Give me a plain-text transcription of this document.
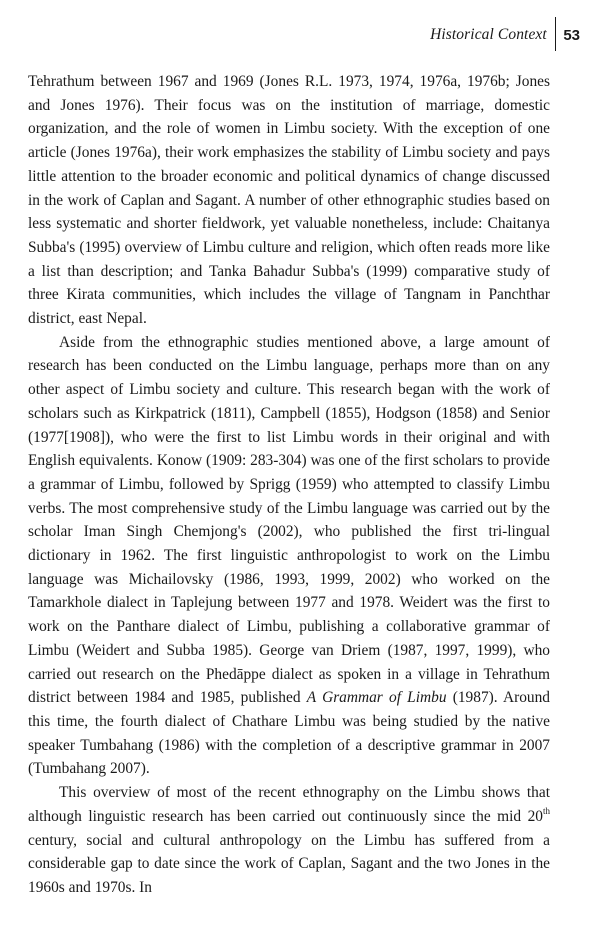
Historical Context	53

Tehrathum between 1967 and 1969 (Jones R.L. 1973, 1974, 1976a, 1976b; Jones and Jones 1976). Their focus was on the institution of marriage, domestic organization, and the role of women in Limbu society. With the exception of one article (Jones 1976a), their work emphasizes the stability of Limbu society and pays little attention to the broader economic and political dynamics of change discussed in the work of Caplan and Sagant. A number of other ethnographic studies based on less systematic and shorter fieldwork, yet valuable nonetheless, include: Chaitanya Subba's (1995) overview of Limbu culture and religion, which often reads more like a list than description; and Tanka Bahadur Subba's (1999) comparative study of three Kirata communities, which includes the village of Tangnam in Panchthar district, east Nepal.

Aside from the ethnographic studies mentioned above, a large amount of research has been conducted on the Limbu language, perhaps more than on any other aspect of Limbu society and culture. This research began with the work of scholars such as Kirkpatrick (1811), Campbell (1855), Hodgson (1858) and Senior (1977[1908]), who were the first to list Limbu words in their original and with English equivalents. Konow (1909: 283-304) was one of the first scholars to provide a grammar of Limbu, followed by Sprigg (1959) who attempted to classify Limbu verbs. The most comprehensive study of the Limbu language was carried out by the scholar Iman Singh Chemjong's (2002), who published the first tri-lingual dictionary in 1962. The first linguistic anthropologist to work on the Limbu language was Michailovsky (1986, 1993, 1999, 2002) who worked on the Tamarkhole dialect in Taplejung between 1977 and 1978. Weidert was the first to work on the Panthare dialect of Limbu, publishing a collaborative grammar of Limbu (Weidert and Subba 1985). George van Driem (1987, 1997, 1999), who carried out research on the Phedāppe dialect as spoken in a village in Tehrathum district between 1984 and 1985, published A Grammar of Limbu (1987). Around this time, the fourth dialect of Chathare Limbu was being studied by the native speaker Tumbahang (1986) with the completion of a descriptive grammar in 2007 (Tumbahang 2007).

This overview of most of the recent ethnography on the Limbu shows that although linguistic research has been carried out continuously since the mid 20th century, social and cultural anthropology on the Limbu has suffered from a considerable gap to date since the work of Caplan, Sagant and the two Jones in the 1960s and 1970s. In
